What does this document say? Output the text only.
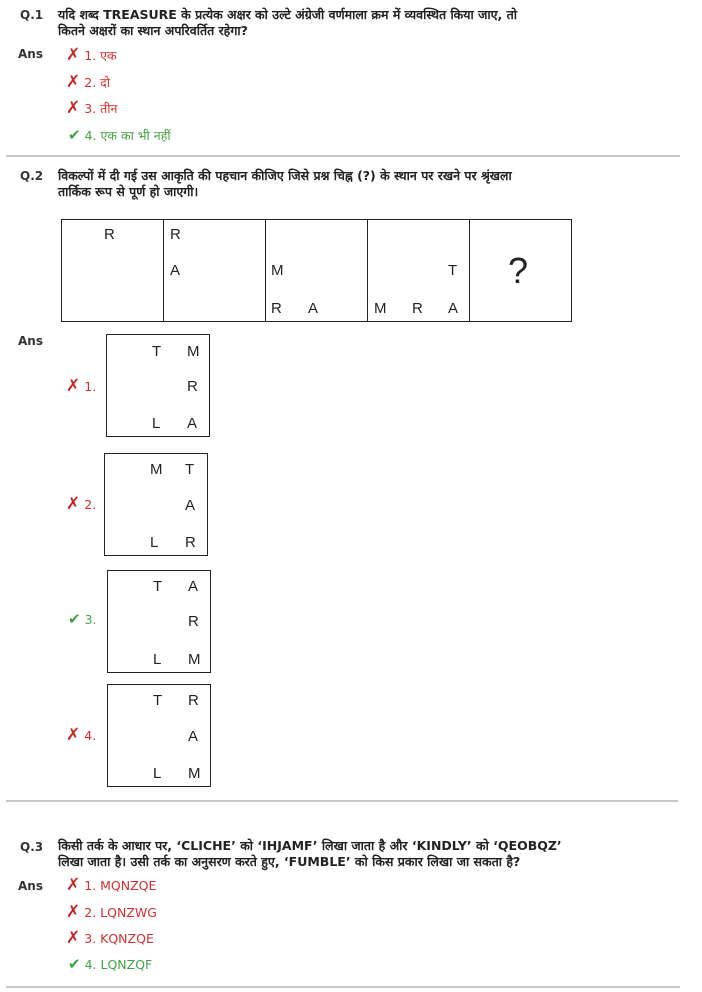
Q.1 यदि शब्द TREASURE के प्रत्येक अक्षर को उल्टे अंग्रेजी वर्णमाला क्रम में व्यवस्थित किया जाए, तो
कितने अक्षरों का स्थान अपरिवर्तित रहेगा?
Ans ✗ 1. एक
✗ 2. दो
✗ 3. तीन
✔ 4. एक का भी नहीं
Q.2 विकल्पों में दी गई उस आकृति की पहचान कीजिए जिसे प्रश्न चिह्न (?) के स्थान पर रखने पर श्रृंखला
तार्किक रूप से पूर्ण हो जाएगी।
R	R
A	M
R A
T
M R A
?
Ans
✗ 1.
T M
R
L A
✗ 2.
M T
A
L R
✔ 3.
T A
R
L M
✗ 4.
T R
A
L M
Q.3 किसी तर्क के आधार पर, ‘CLICHE’ को ‘IHJAMF’ लिखा जाता है और ‘KINDLY’ को ‘QEOBQZ’
लिखा जाता है। उसी तर्क का अनुसरण करते हुए, ‘FUMBLE’ को किस प्रकार लिखा जा सकता है?
Ans ✗ 1. MQNZQE
✗ 2. LQNZWG
✗ 3. KQNZQE
✔ 4. LQNZQF
